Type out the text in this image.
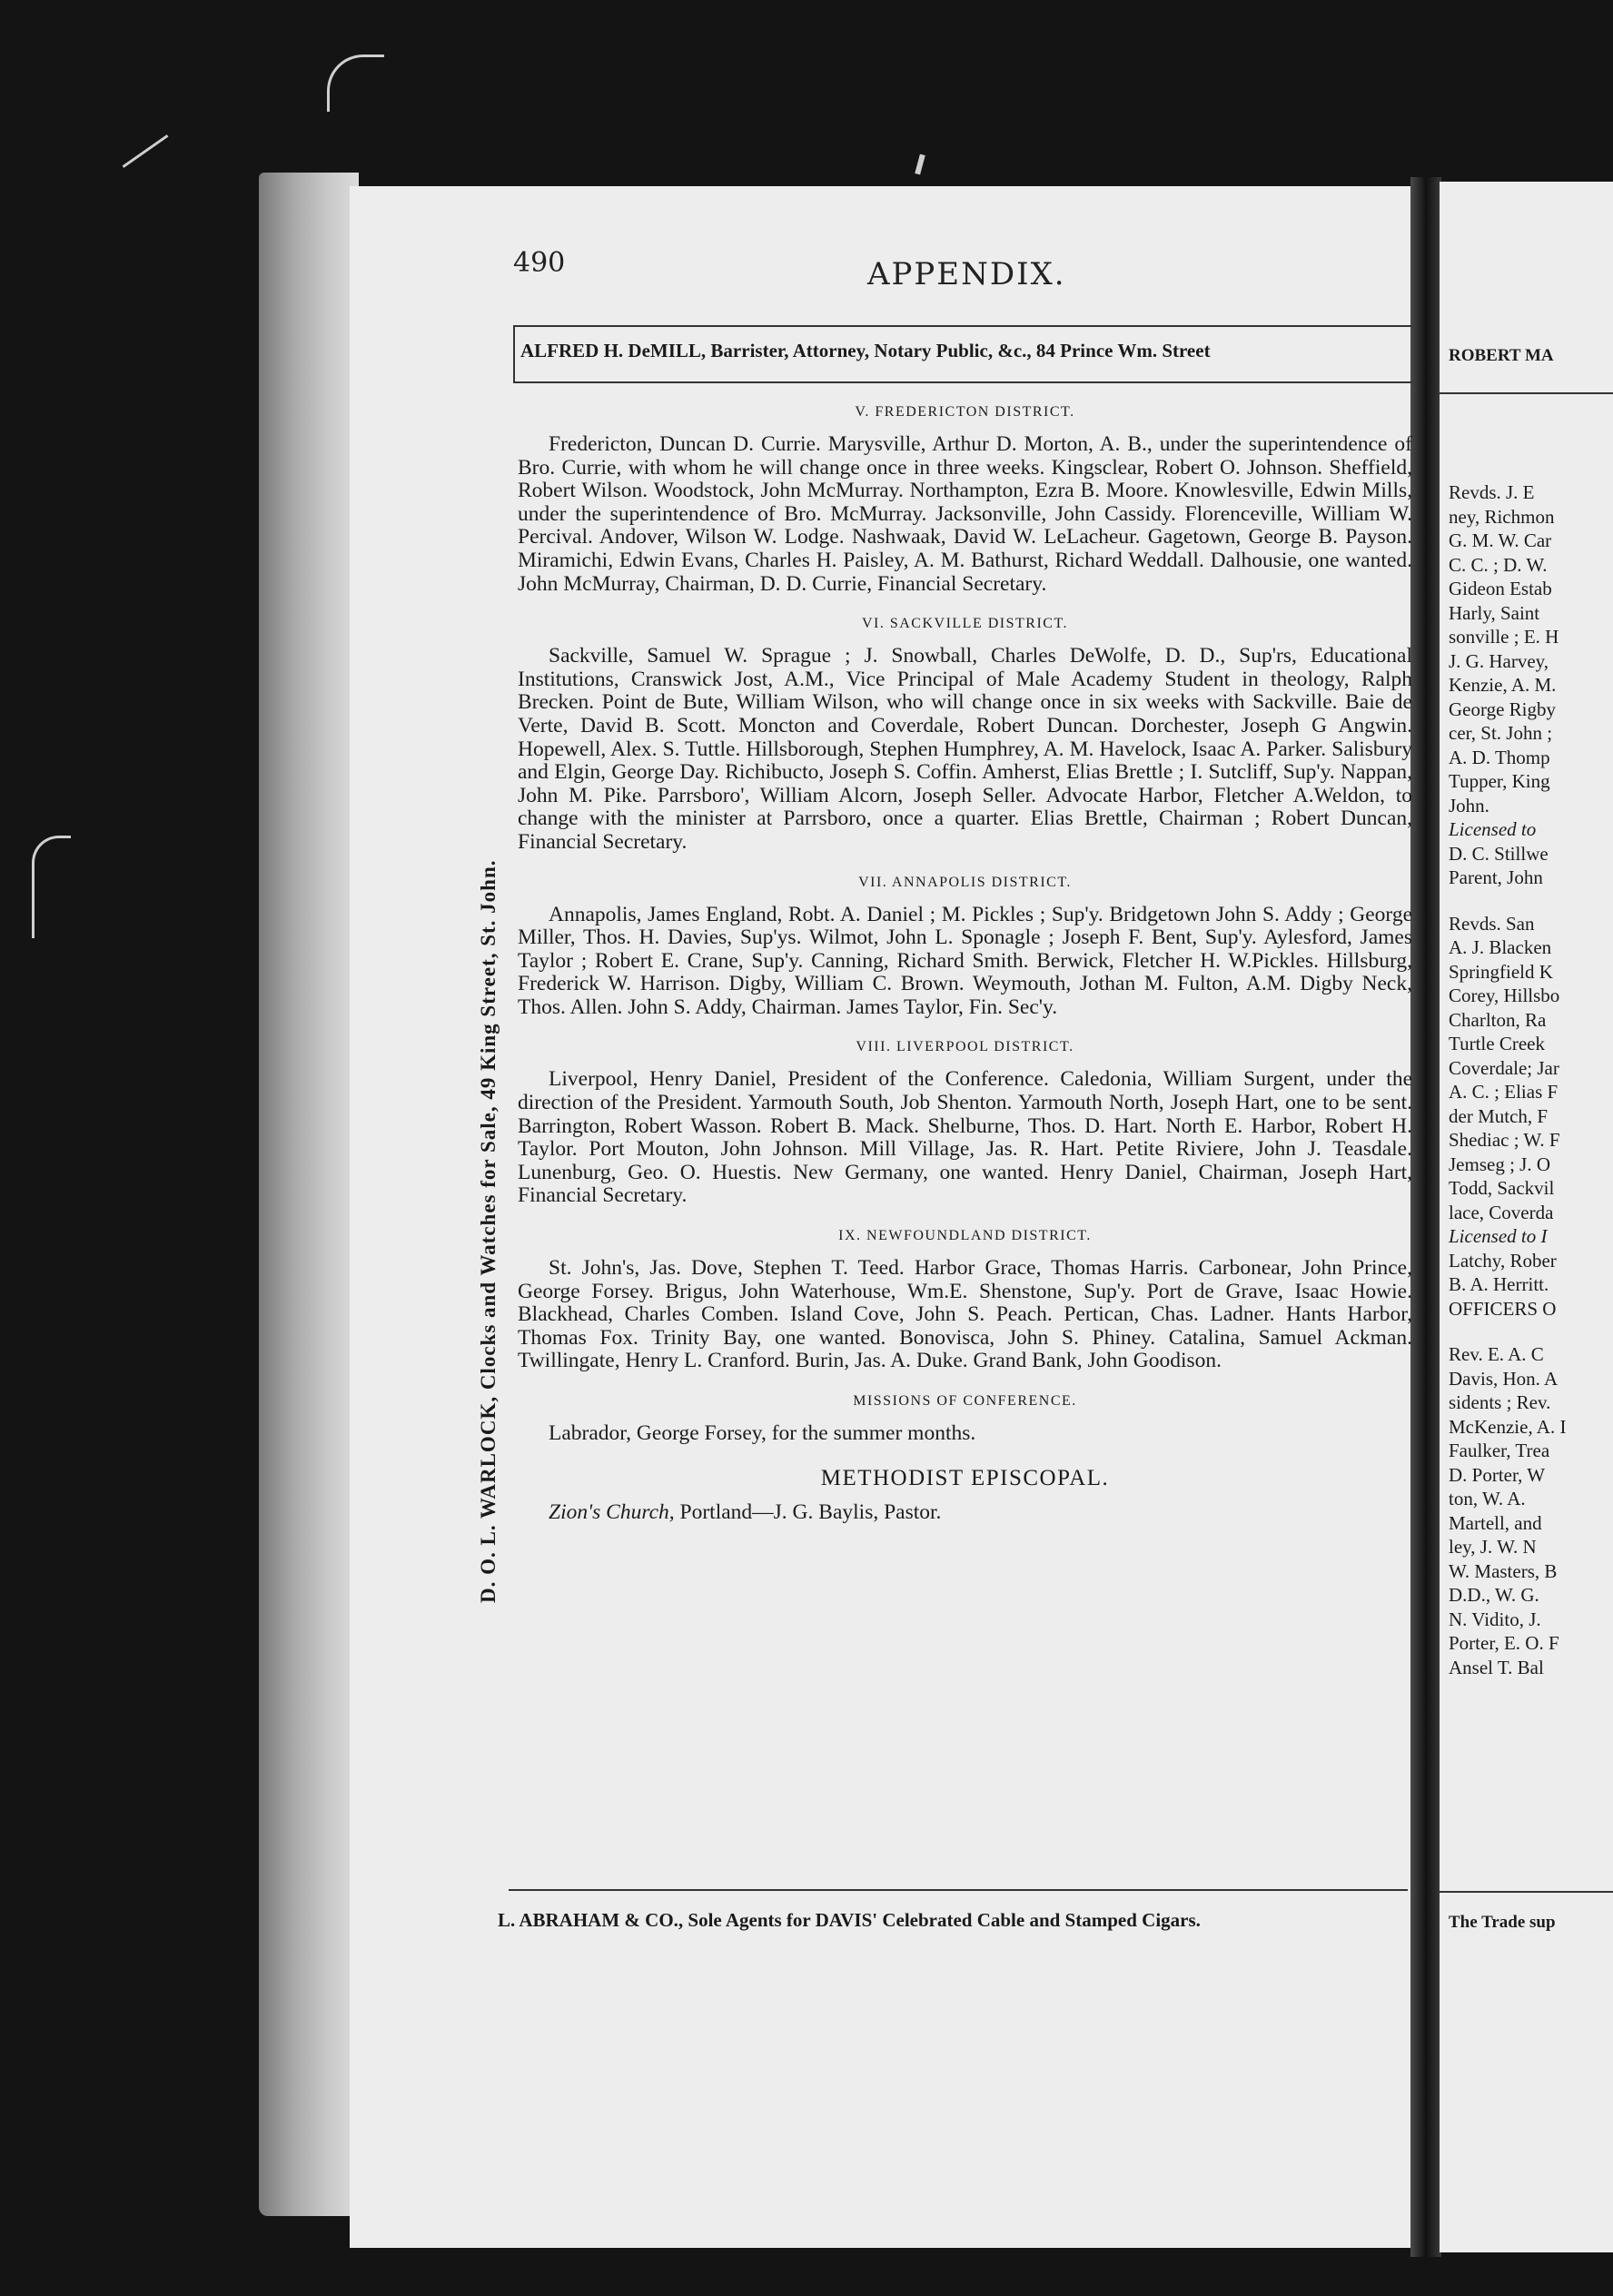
490	APPENDIX.
ALFRED H. DeMILL, Barrister, Attorney, Notary Public, &c., 84 Prince Wm. Street
D. O. L. WARLOCK, Clocks and Watches for Sale, 49 King Street, St. John.
V. FREDERICTON DISTRICT.

Fredericton, Duncan D. Currie. Marysville, Arthur D. Morton, A. B., under the superintendence of Bro. Currie, with whom he will change once in three weeks. Kingsclear, Robert O. Johnson. Sheffield, Robert Wilson. Woodstock, John McMurray. Northampton, Ezra B. Moore. Knowlesville, Edwin Mills, under the superintendence of Bro. McMurray. Jacksonville, John Cassidy. Florenceville, William W. Percival. Andover, Wilson W. Lodge. Nashwaak, David W. LeLacheur. Gagetown, George B. Payson. Miramichi, Edwin Evans, Charles H. Paisley, A. M. Bathurst, Richard Weddall. Dalhousie, one wanted. John McMurray, Chairman, D. D. Currie, Financial Secretary.

VI. SACKVILLE DISTRICT.

Sackville, Samuel W. Sprague ; J. Snowball, Charles DeWolfe, D. D., Sup'rs, Educational Institutions, Cranswick Jost, A.M., Vice Principal of Male Academy Student in theology, Ralph Brecken. Point de Bute, William Wilson, who will change once in six weeks with Sackville. Baie de Verte, David B. Scott. Moncton and Coverdale, Robert Duncan. Dorchester, Joseph G Angwin. Hopewell, Alex. S. Tuttle. Hillsborough, Stephen Humphrey, A. M. Havelock, Isaac A. Parker. Salisbury and Elgin, George Day. Richibucto, Joseph S. Coffin. Amherst, Elias Brettle ; I. Sutcliff, Sup'y. Nappan, John M. Pike. Parrsboro', William Alcorn, Joseph Seller. Advocate Harbor, Fletcher A.Weldon, to change with the minister at Parrsboro, once a quarter. Elias Brettle, Chairman ; Robert Duncan, Financial Secretary.

VII. ANNAPOLIS DISTRICT.

Annapolis, James England, Robt. A. Daniel ; M. Pickles ; Sup'y. Bridgetown John S. Addy ; George Miller, Thos. H. Davies, Sup'ys. Wilmot, John L. Sponagle ; Joseph F. Bent, Sup'y. Aylesford, James Taylor ; Robert E. Crane, Sup'y. Canning, Richard Smith. Berwick, Fletcher H. W.Pickles. Hillsburg, Frederick W. Harrison. Digby, William C. Brown. Weymouth, Jothan M. Fulton, A.M. Digby Neck, Thos. Allen. John S. Addy, Chairman. James Taylor, Fin. Sec'y.

VIII. LIVERPOOL DISTRICT.

Liverpool, Henry Daniel, President of the Conference. Caledonia, William Surgent, under the direction of the President. Yarmouth South, Job Shenton. Yarmouth North, Joseph Hart, one to be sent. Barrington, Robert Wasson. Robert B. Mack. Shelburne, Thos. D. Hart. North E. Harbor, Robert H. Taylor. Port Mouton, John Johnson. Mill Village, Jas. R. Hart. Petite Riviere, John J. Teasdale. Lunenburg, Geo. O. Huestis. New Germany, one wanted. Henry Daniel, Chairman, Joseph Hart, Financial Secretary.

IX. NEWFOUNDLAND DISTRICT.

St. John's, Jas. Dove, Stephen T. Teed. Harbor Grace, Thomas Harris. Carbonear, John Prince, George Forsey. Brigus, John Waterhouse, Wm.E. Shenstone, Sup'y. Port de Grave, Isaac Howie. Blackhead, Charles Comben. Island Cove, John S. Peach. Pertican, Chas. Ladner. Hants Harbor, Thomas Fox. Trinity Bay, one wanted. Bonovisca, John S. Phiney. Catalina, Samuel Ackman. Twillingate, Henry L. Cranford. Burin, Jas. A. Duke. Grand Bank, John Goodison.

MISSIONS OF CONFERENCE.

Labrador, George Forsey, for the summer months.

METHODIST EPISCOPAL.

Zion's Church, Portland—J. G. Baylis, Pastor.

L. ABRAHAM & CO., Sole Agents for DAVIS' Celebrated Cable and Stamped Cigars.
ROBERT MA
Revds. J. E
ney, Richmon
G. M. W. Car
C. C. ; D. W.
Gideon Estab
Harly, Saint
sonville ; E. H
J. G. Harvey,
Kenzie, A. M.
George Rigby
cer, St. John ;
A. D. Thomp
Tupper, King
John.
Licensed to
D. C. Stillwe
Parent, John
Revds. San
A. J. Blacken
Springfield K
Corey, Hillsbo
Charlton, Ra
Turtle Creek
Coverdale; Jar
A. C. ; Elias F
der Mutch, F
Shediac ; W. F
Jemseg ; J. O
Todd, Sackvil
lace, Coverda
Licensed to I
Latchy, Rober
B. A. Herritt.
OFFICERS O
Rev. E. A. C
Davis, Hon. A
sidents ; Rev.
McKenzie, A. I
Faulker, Trea
D. Porter, W
ton, W. A.
Martell, and
ley, J. W. N
W. Masters, B
D.D., W. G.
N. Vidito, J.
Porter, E. O. F
Ansel T. Bal
The Trade sup
